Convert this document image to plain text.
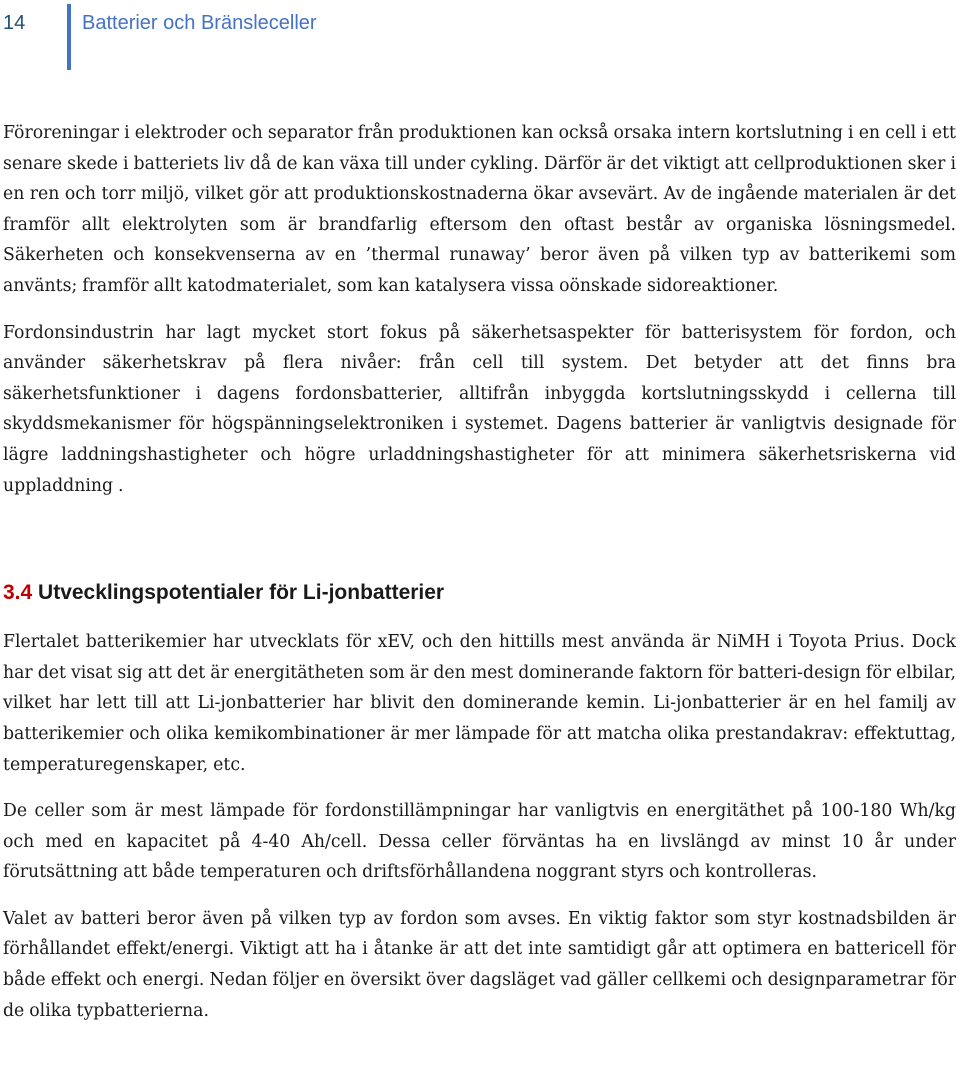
14	Batterier och Bränsleceller

Föroreningar i elektroder och separator från produktionen kan också orsaka intern kortslutning i en cell i ett senare skede i batteriets liv då de kan växa till under cykling. Därför är det viktigt att cellproduktionen sker i en ren och torr miljö, vilket gör att produktionskostnaderna ökar avsevärt. Av de ingående materialen är det framför allt elektrolyten som är brandfarlig eftersom den oftast består av organiska lösningsmedel. Säkerheten och konsekvenserna av en ’thermal runaway’ beror även på vilken typ av batterikemi som använts; framför allt katodmaterialet, som kan katalysera vissa oönskade sidoreaktioner.

Fordonsindustrin har lagt mycket stort fokus på säkerhetsaspekter för batterisystem för fordon, och använder säkerhetskrav på flera nivåer: från cell till system. Det betyder att det finns bra säkerhetsfunktioner i dagens fordonsbatterier, alltifrån inbyggda kortslutningsskydd i cellerna till skyddsmekanismer för högspänningselektroniken i systemet. Dagens batterier är vanligtvis designade för lägre laddningshastigheter och högre urladdningshastigheter för att minimera säkerhetsriskerna vid uppladdning .

3.4 Utvecklingspotentialer för Li-jonbatterier

Flertalet batterikemier har utvecklats för xEV, och den hittills mest använda är NiMH i Toyota Prius. Dock har det visat sig att det är energitätheten som är den mest dominerande faktorn för batteri-design för elbilar, vilket har lett till att Li-jonbatterier har blivit den dominerande kemin. Li-jonbatterier är en hel familj av batterikemier och olika kemikombinationer är mer lämpade för att matcha olika prestandakrav: effektuttag, temperaturegenskaper, etc.

De celler som är mest lämpade för fordonstillämpningar har vanligtvis en energitäthet på 100-180 Wh/kg och med en kapacitet på 4-40 Ah/cell. Dessa celler förväntas ha en livslängd av minst 10 år under förutsättning att både temperaturen och driftsförhållandena noggrant styrs och kontrolleras.

Valet av batteri beror även på vilken typ av fordon som avses. En viktig faktor som styr kostnadsbilden är förhållandet effekt/energi. Viktigt att ha i åtanke är att det inte samtidigt går att optimera en battericell för både effekt och energi. Nedan följer en översikt över dagsläget vad gäller cellkemi och designparametrar för de olika typbatterierna.
